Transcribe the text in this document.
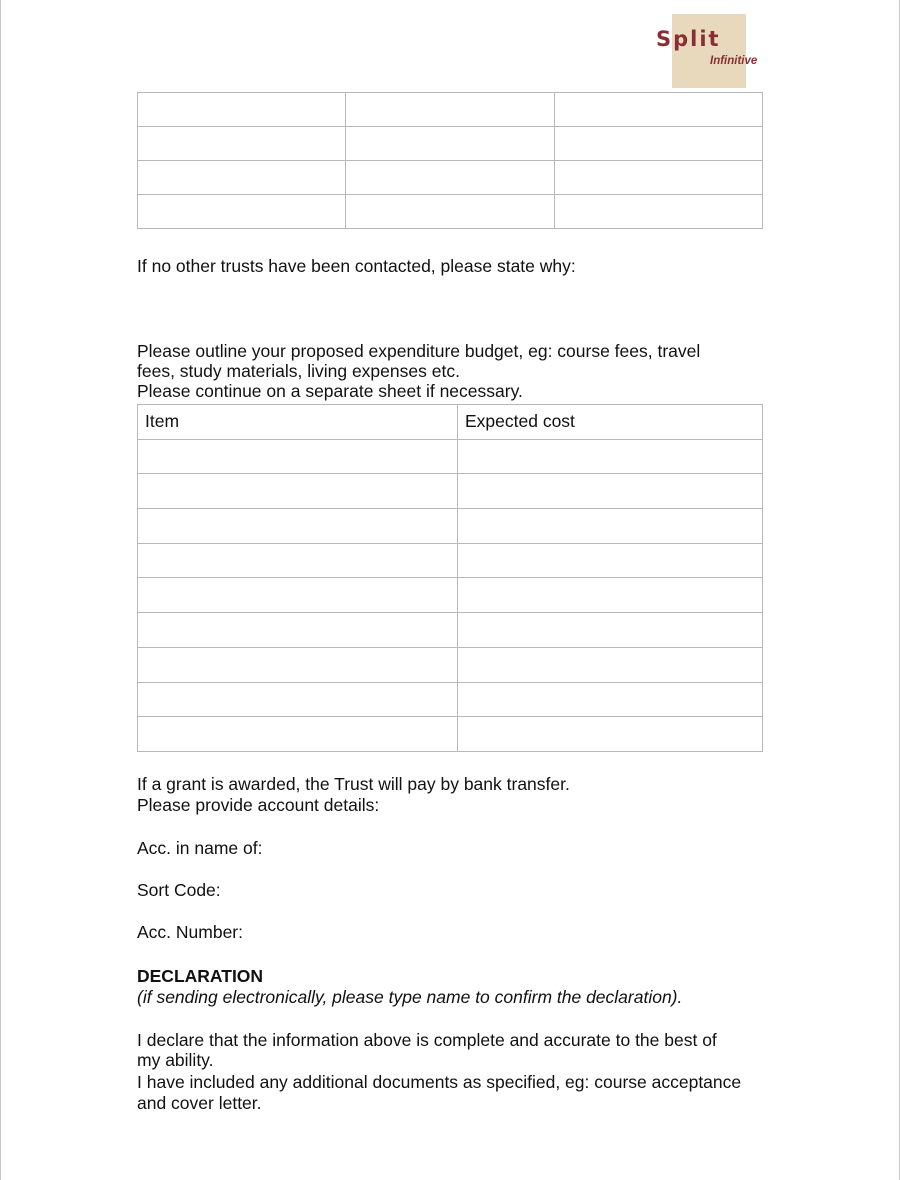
Split
Infinitive

If no other trusts have been contacted, please state why:
Please outline your proposed expenditure budget, eg: course fees, travel
fees, study materials, living expenses etc.
Please continue on a separate sheet if necessary.
Item	Expected cost

If a grant is awarded, the Trust will pay by bank transfer.
Please provide account details:
Acc. in name of:
Sort Code:
Acc. Number:
DECLARATION
(if sending electronically, please type name to confirm the declaration).
I declare that the information above is complete and accurate to the best of
my ability.
I have included any additional documents as specified, eg: course acceptance
and cover letter.
